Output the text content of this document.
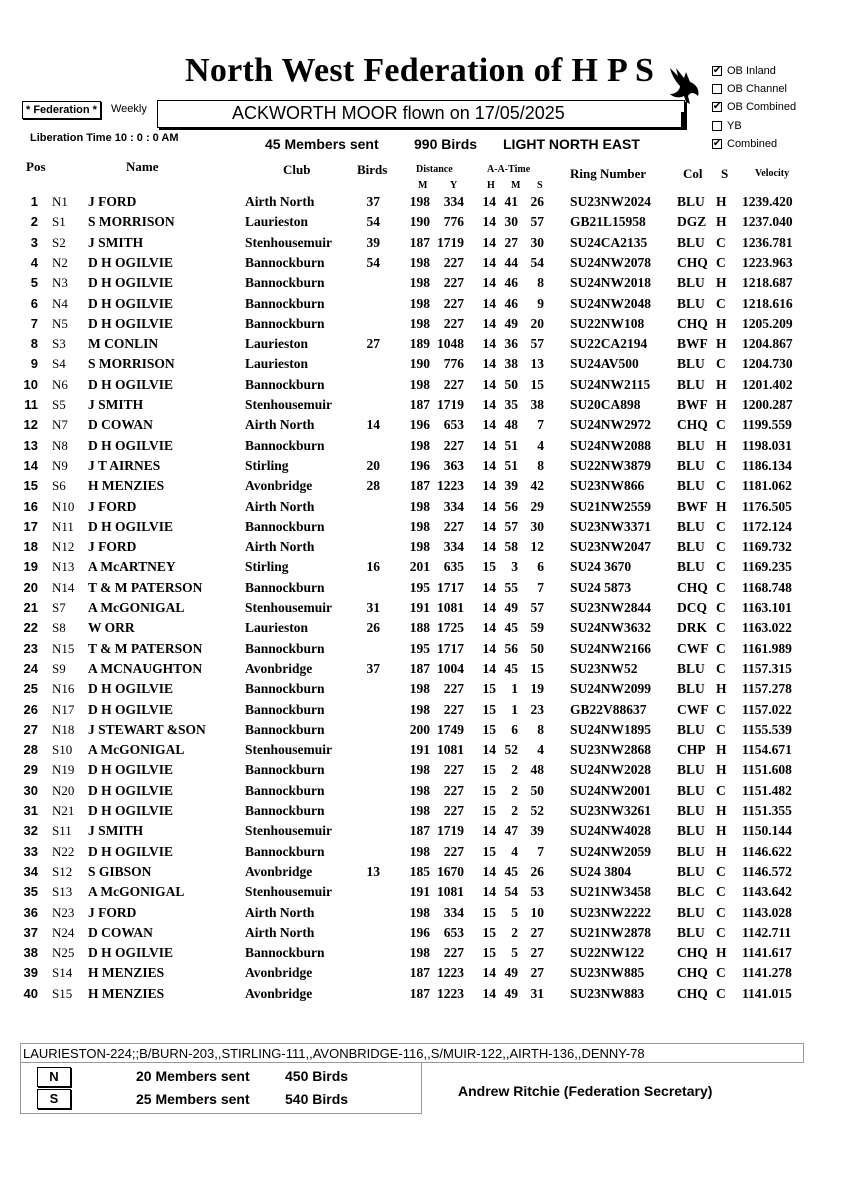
North West Federation of H P S	✔ OB Inland
OB Channel
✔ OB Combined
YB
✔ Combined
* Federation *	Weekly	ACKWORTH MOOR flown on 17/05/2025
Liberation Time 10 : 0 : 0 AM	45 Members sent	990 Birds LIGHT NORTH EAST
Pos	Name	Club	Birds	Distance
M Y
A-A-Time
H M S
Ring Number	Col S	Velocity
1 N1 J FORD	Airth North	37	198	334 14 41 26 SU23NW2024 BLU H 1239.420
2 S1 S MORRISON	Laurieston	54	190	776 14 30 57 GB21L15958 DGZ H 1237.040
3 S2 J SMITH	Stenhousemuir	39	187 1719 14 27 30 SU24CA2135 BLU C 1236.781
4 N2 D H OGILVIE	Bannockburn	54	198	227 14 44 54 SU24NW2078 CHQ C 1223.963
5 N3 D H OGILVIE	Bannockburn	198	227 14 46	8 SU24NW2018 BLU H 1218.687
6 N4 D H OGILVIE	Bannockburn	198	227 14 46	9 SU24NW2048 BLU C 1218.616
7 N5 D H OGILVIE	Bannockburn	198	227 14 49 20 SU22NW108 CHQ H 1205.209
8 S3 M CONLIN	Laurieston	27	189 1048 14 36 57 SU22CA2194 BWF H 1204.867
9 S4 S MORRISON	Laurieston	190	776 14 38 13 SU24AV500	BLU C 1204.730
10 N6 D H OGILVIE	Bannockburn	198	227 14 50 15 SU24NW2115 BLU H 1201.402
11 S5 J SMITH	Stenhousemuir	187 1719 14 35 38 SU20CA898	BWF H 1200.287
12 N7 D COWAN	Airth North	14	196	653 14 48	7 SU24NW2972 CHQ C 1199.559
13 N8 D H OGILVIE	Bannockburn	198	227 14 51	4 SU24NW2088 BLU H 1198.031
14 N9 J T AIRNES	Stirling	20	196	363 14 51	8 SU22NW3879 BLU C 1186.134
15 S6 H MENZIES	Avonbridge	28	187 1223 14 39 42 SU23NW866 BLU C 1181.062
16 N10 J FORD	Airth North	198	334 14 56 29 SU21NW2559 BWF H 1176.505
17 N11 D H OGILVIE	Bannockburn	198	227 14 57 30 SU23NW3371 BLU C 1172.124
18 N12 J FORD	Airth North	198	334 14 58 12 SU23NW2047 BLU C 1169.732
19 N13 A McARTNEY	Stirling	16	201	635 15	3	6 SU24 3670	BLU C 1169.235
20 N14 T & M PATERSON	Bannockburn	195 1717 14 55	7 SU24 5873	CHQ C 1168.748
21 S7 A McGONIGAL	Stenhousemuir	31	191 1081 14 49 57 SU23NW2844 DCQ C 1163.101
22 S8 W ORR	Laurieston	26	188 1725 14 45 59 SU24NW3632 DRK C 1163.022
23 N15 T & M PATERSON	Bannockburn	195 1717 14 56 50 SU24NW2166 CWF C 1161.989
24 S9 A MCNAUGHTON	Avonbridge	37	187 1004 14 45 15 SU23NW52	BLU C 1157.315
25 N16 D H OGILVIE	Bannockburn	198	227 15	1 19 SU24NW2099 BLU H 1157.278
26 N17 D H OGILVIE	Bannockburn	198	227 15	1 23 GB22V88637 CWF C 1157.022
27 N18 J STEWART &SON	Bannockburn	200 1749 15	6	8 SU24NW1895 BLU C 1155.539
28 S10 A McGONIGAL	Stenhousemuir	191 1081 14 52	4 SU23NW2868 CHP H 1154.671
29 N19 D H OGILVIE	Bannockburn	198	227 15	2 48 SU24NW2028 BLU H 1151.608
30 N20 D H OGILVIE	Bannockburn	198	227 15	2 50 SU24NW2001 BLU C 1151.482
31 N21 D H OGILVIE	Bannockburn	198	227 15	2 52 SU23NW3261 BLU H 1151.355
32 S11 J SMITH	Stenhousemuir	187 1719 14 47 39 SU24NW4028 BLU H 1150.144
33 N22 D H OGILVIE	Bannockburn	198	227 15	4	7 SU24NW2059 BLU H 1146.622
34 S12 S GIBSON	Avonbridge	13	185 1670 14 45 26 SU24 3804	BLU C 1146.572
35 S13 A McGONIGAL	Stenhousemuir	191 1081 14 54 53 SU21NW3458 BLC C 1143.642
36 N23 J FORD	Airth North	198	334 15	5 10 SU23NW2222 BLU C 1143.028
37 N24 D COWAN	Airth North	196	653 15	2 27 SU21NW2878 BLU C 1142.711
38 N25 D H OGILVIE	Bannockburn	198	227 15	5 27 SU22NW122 CHQ H 1141.617
39 S14 H MENZIES	Avonbridge	187 1223 14 49 27 SU23NW885 CHQ C 1141.278
40 S15 H MENZIES	Avonbridge	187 1223 14 49 31 SU23NW883 CHQ C 1141.015
LAURIESTON-224;;B/BURN-203,,STIRLING-111,,AVONBRIDGE-116,,S/MUIR-122,,AIRTH-136,,DENNY-78
N	20 Members sent	450 Birds
S	25 Members sent	540 Birds	Andrew Ritchie (Federation Secretary)
